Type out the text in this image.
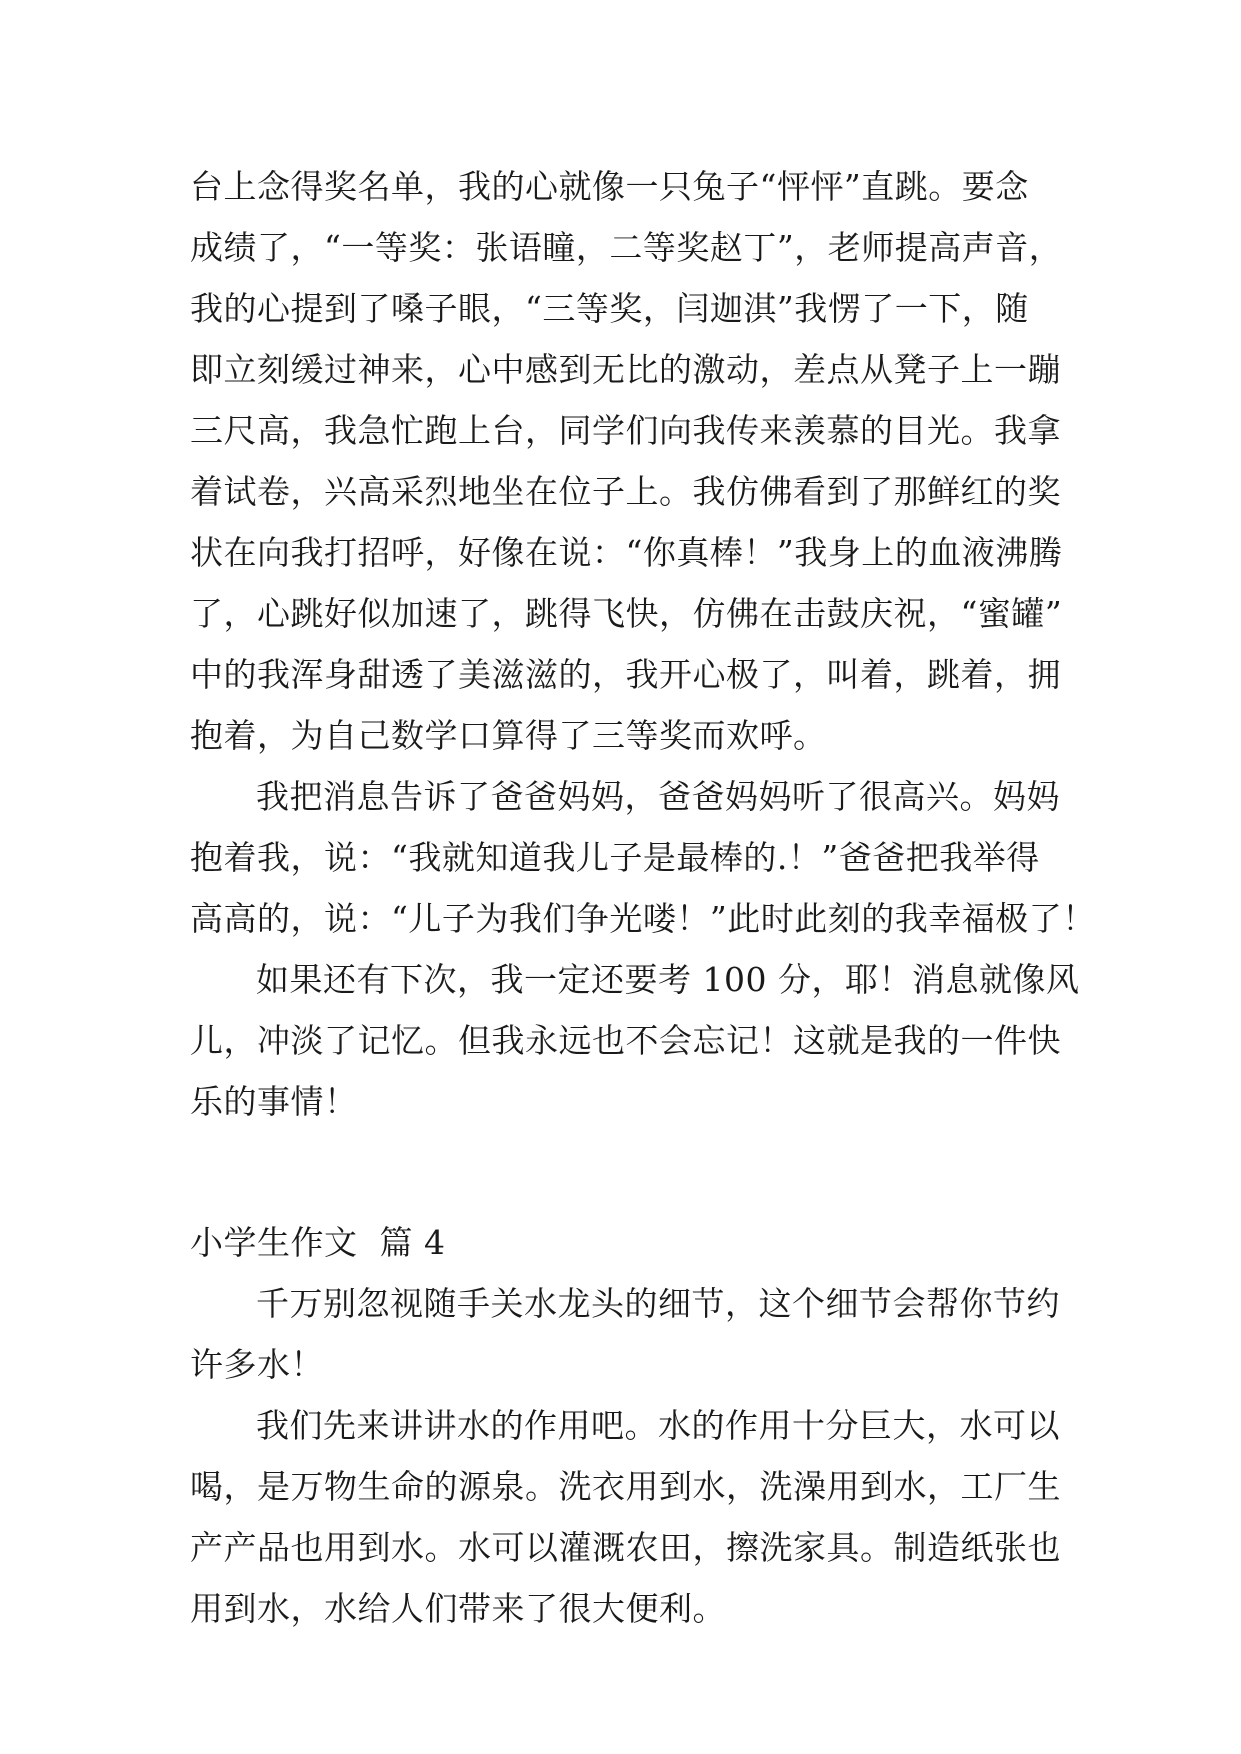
台上念得奖名单，我的心就像一只兔子“怦怦”直跳。要念
成绩了，“一等奖：张语瞳，二等奖赵丁”，老师提高声音，
我的心提到了嗓子眼，“三等奖，闫迦淇”我愣了一下，随
即立刻缓过神来，心中感到无比的激动，差点从凳子上一蹦
三尺高，我急忙跑上台，同学们向我传来羡慕的目光。我拿
着试卷，兴高采烈地坐在位子上。我仿佛看到了那鲜红的奖
状在向我打招呼，好像在说：“你真棒！”我身上的血液沸腾
了，心跳好似加速了，跳得飞快，仿佛在击鼓庆祝，“蜜罐”
中的我浑身甜透了美滋滋的，我开心极了，叫着，跳着，拥
抱着，为自己数学口算得了三等奖而欢呼。
我把消息告诉了爸爸妈妈，爸爸妈妈听了很高兴。妈妈
抱着我，说：“我就知道我儿子是最棒的.！”爸爸把我举得
高高的，说：“儿子为我们争光喽！”此时此刻的我幸福极了！
如果还有下次，我一定还要考 100 分，耶！消息就像风
儿，冲淡了记忆。但我永远也不会忘记！这就是我的一件快
乐的事情！
小学生作文  篇 4
千万别忽视随手关水龙头的细节，这个细节会帮你节约
许多水！
我们先来讲讲水的作用吧。水的作用十分巨大，水可以
喝，是万物生命的源泉。洗衣用到水，洗澡用到水，工厂生
产产品也用到水。水可以灌溉农田，擦洗家具。制造纸张也
用到水，水给人们带来了很大便利。
